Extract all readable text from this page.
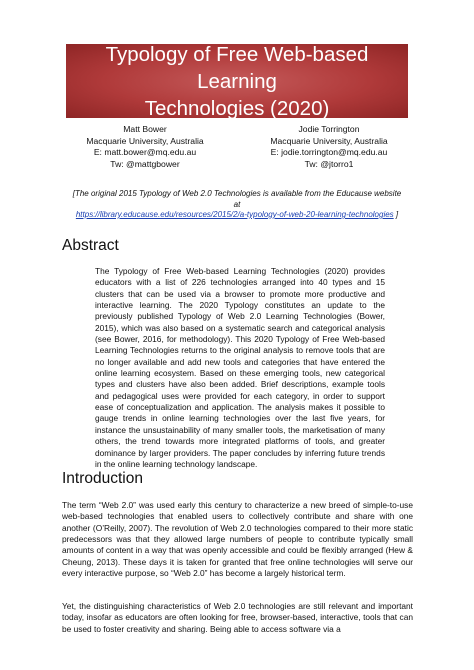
Typology of Free Web-based Learning
Technologies (2020)
Matt Bower
Macquarie University, Australia
E: matt.bower@mq.edu.au
Tw: @mattgbower
Jodie Torrington
Macquarie University, Australia
E: jodie.torrington@mq.edu.au
Tw: @jtorro1
[The original 2015 Typology of Web 2.0 Technologies is available from the Educause website at
https://library.educause.edu/resources/2015/2/a-typology-of-web-20-learning-technologies ]
Abstract

The Typology of Free Web-based Learning Technologies (2020) provides educators with a list of 226 technologies arranged into 40 types and 15 clusters that can be used via a browser to promote more productive and interactive learning. The 2020 Typology constitutes an update to the previously published Typology of Web 2.0 Learning Technologies (Bower, 2015), which was also based on a systematic search and categorical analysis (see Bower, 2016, for methodology). This 2020 Typology of Free Web-based Learning Technologies returns to the original analysis to remove tools that are no longer available and add new tools and categories that have entered the online learning ecosystem. Based on these emerging tools, new categorical types and clusters have also been added. Brief descriptions, example tools and pedagogical uses were provided for each category, in order to support ease of conceptualization and application. The analysis makes it possible to gauge trends in online learning technologies over the last five years, for instance the unsustainability of many smaller tools, the marketisation of many others, the trend towards more integrated platforms of tools, and greater dominance by larger providers. The paper concludes by inferring future trends in the online learning technology landscape.

Introduction

The term “Web 2.0” was used early this century to characterize a new breed of simple-to-use web-based technologies that enabled users to collectively contribute and share with one another (O’Reilly, 2007). The revolution of Web 2.0 technologies compared to their more static predecessors was that they allowed large numbers of people to contribute typically small amounts of content in a way that was openly accessible and could be flexibly arranged (Hew & Cheung, 2013). These days it is taken for granted that free online technologies will serve our every interactive purpose, so “Web 2.0” has become a largely historical term.

Yet, the distinguishing characteristics of Web 2.0 technologies are still relevant and important today, insofar as educators are often looking for free, browser-based, interactive, tools that can be used to foster creativity and sharing. Being able to access software via a
